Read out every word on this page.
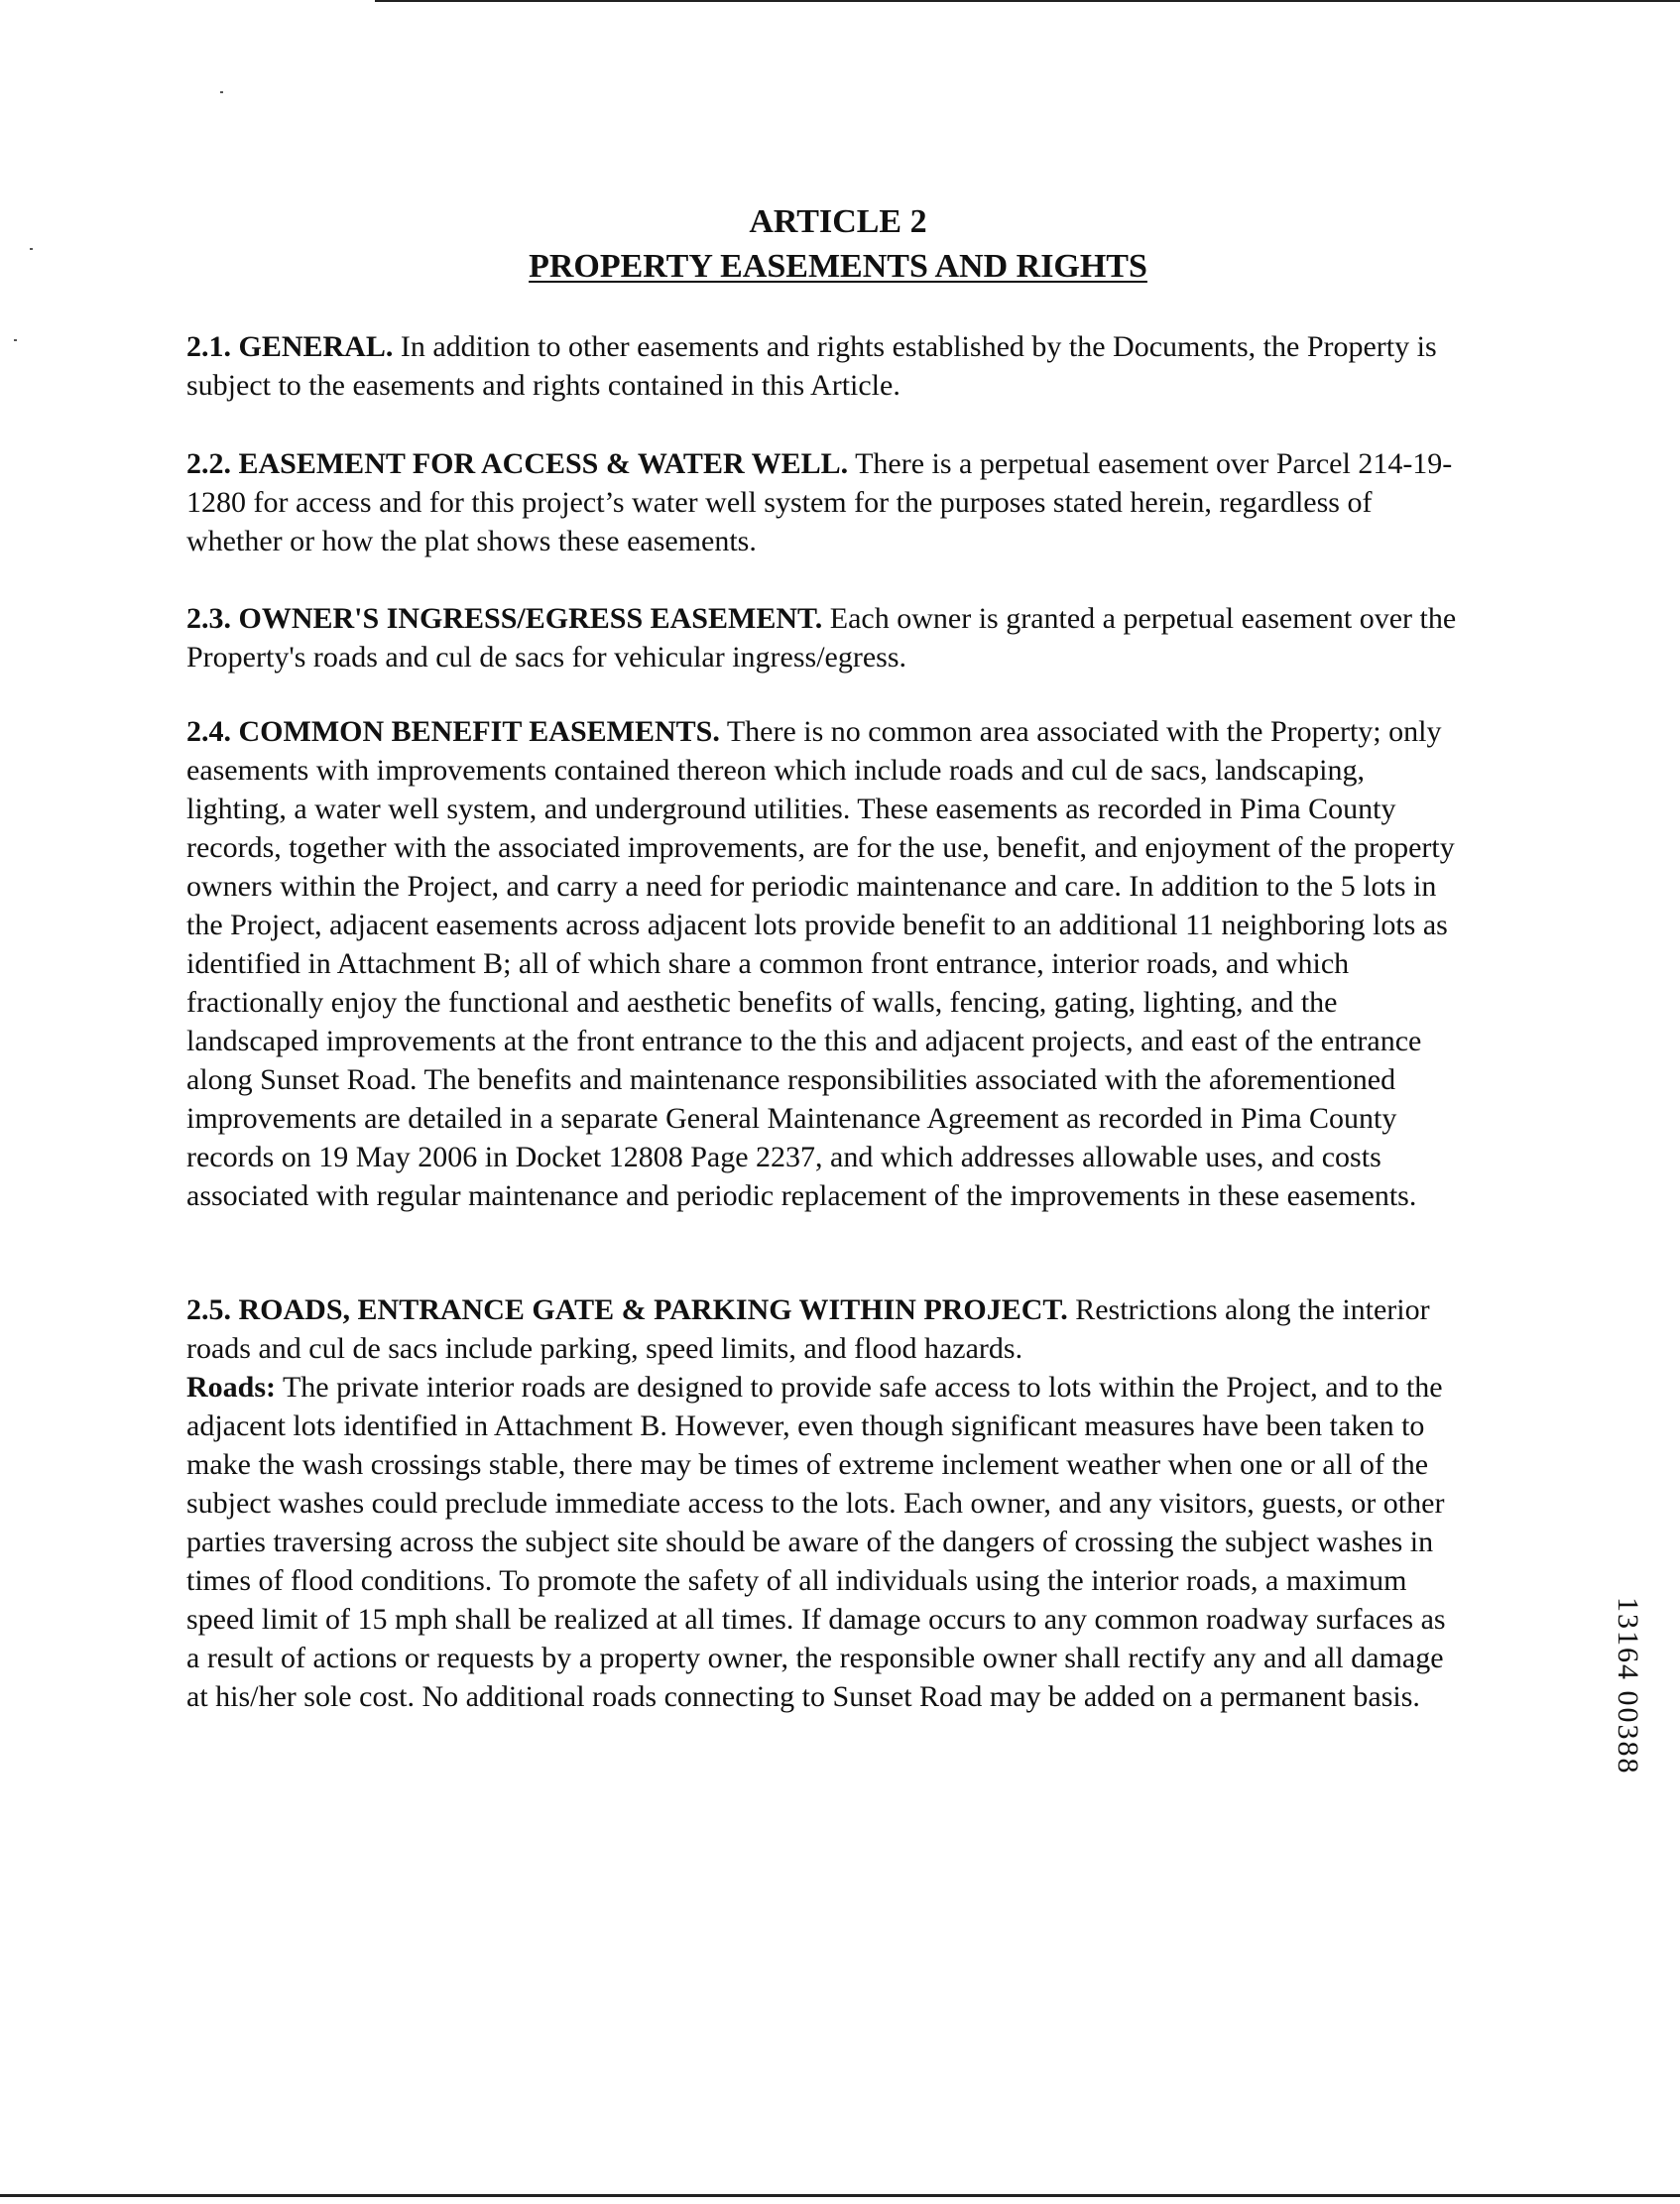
ARTICLE 2
PROPERTY EASEMENTS AND RIGHTS

2.1. GENERAL. In addition to other easements and rights established by the Documents, the Property is subject to the easements and rights contained in this Article.

2.2. EASEMENT FOR ACCESS & WATER WELL. There is a perpetual easement over Parcel 214-19-1280 for access and for this project’s water well system for the purposes stated herein, regardless of whether or how the plat shows these easements.

2.3. OWNER'S INGRESS/EGRESS EASEMENT. Each owner is granted a perpetual easement over the Property's roads and cul de sacs for vehicular ingress/egress.

2.4. COMMON BENEFIT EASEMENTS. There is no common area associated with the Property; only easements with improvements contained thereon which include roads and cul de sacs, landscaping, lighting, a water well system, and underground utilities. These easements as recorded in Pima County records, together with the associated improvements, are for the use, benefit, and enjoyment of the property owners within the Project, and carry a need for periodic maintenance and care. In addition to the 5 lots in the Project, adjacent easements across adjacent lots provide benefit to an additional 11 neighboring lots as identified in Attachment B; all of which share a common front entrance, interior roads, and which fractionally enjoy the functional and aesthetic benefits of walls, fencing, gating, lighting, and the landscaped improvements at the front entrance to the this and adjacent projects, and east of the entrance along Sunset Road. The benefits and maintenance responsibilities associated with the aforementioned improvements are detailed in a separate General Maintenance Agreement as recorded in Pima County records on 19 May 2006 in Docket 12808 Page 2237, and which addresses allowable uses, and costs associated with regular maintenance and periodic replacement of the improvements in these easements.

2.5. ROADS, ENTRANCE GATE & PARKING WITHIN PROJECT. Restrictions along the interior roads and cul de sacs include parking, speed limits, and flood hazards.

Roads: The private interior roads are designed to provide safe access to lots within the Project, and to the adjacent lots identified in Attachment B. However, even though significant measures have been taken to make the wash crossings stable, there may be times of extreme inclement weather when one or all of the subject washes could preclude immediate access to the lots. Each owner, and any visitors, guests, or other parties traversing across the subject site should be aware of the dangers of crossing the subject washes in times of flood conditions. To promote the safety of all individuals using the interior roads, a maximum speed limit of 15 mph shall be realized at all times. If damage occurs to any common roadway surfaces as a result of actions or requests by a property owner, the responsible owner shall rectify any and all damage at his/her sole cost. No additional roads connecting to Sunset Road may be added on a permanent basis.	13164 00388
